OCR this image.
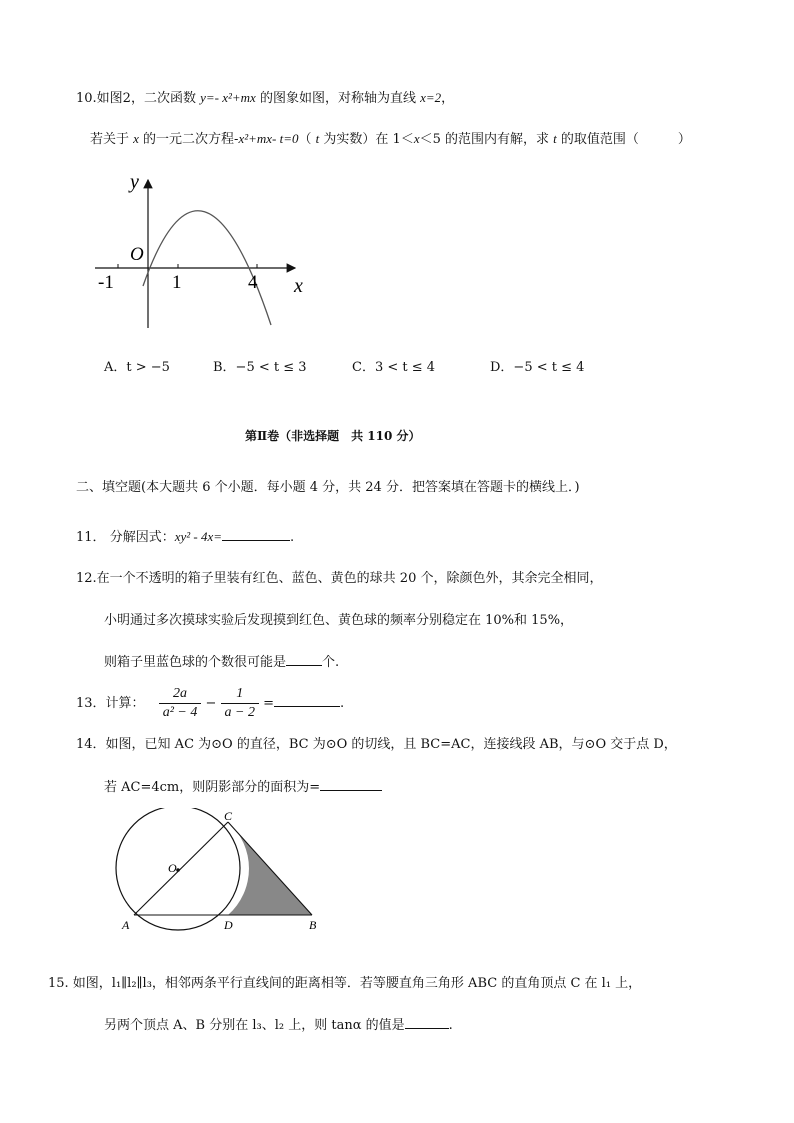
10.如图2，二次函数 y=- x²+mx 的图象如图，对称轴为直线 x=2，
若关于 x 的一元二次方程-x²+mx- t=0（ t 为实数）在 1＜x＜5 的范围内有解，求 t 的取值范围（　　　）
y
x
O
-1	1	4
A．t > −5	B．−5 < t ≤ 3	C．3 < t ≤ 4	D．−5 < t ≤ 4
第Ⅱ卷（非选择题　共 110 分）
二、填空题(本大题共 6 个小题．每小题 4 分，共 24 分．把答案填在答题卡的横线上．)
11． 分解因式：xy² - 4x=	.
12.在一个不透明的箱子里装有红色、蓝色、黄色的球共 20 个，除颜色外，其余完全相同，
小明通过多次摸球实验后发现摸到红色、黄色球的频率分别稳定在 10%和 15%，
则箱子里蓝色球的个数很可能是	个.
13．计算： $\frac{2a}{\text{a² − 4}} - \frac{1}{a - 2}$ =	.
14．如图，已知 AC 为⊙O 的直径，BC 为⊙O 的切线，且 BC=AC，连接线段 AB，与⊙O 交于点 D，
若 AC=4cm，则阴影部分的面积为=
C
O
A	D	B
15. 如图，l₁∥l₂∥l₃，相邻两条平行直线间的距离相等．若等腰直角三角形 ABC 的直角顶点 C 在 l₁ 上，
另两个顶点 A、B 分别在 l₃、l₂ 上，则 tanα 的值是	.
